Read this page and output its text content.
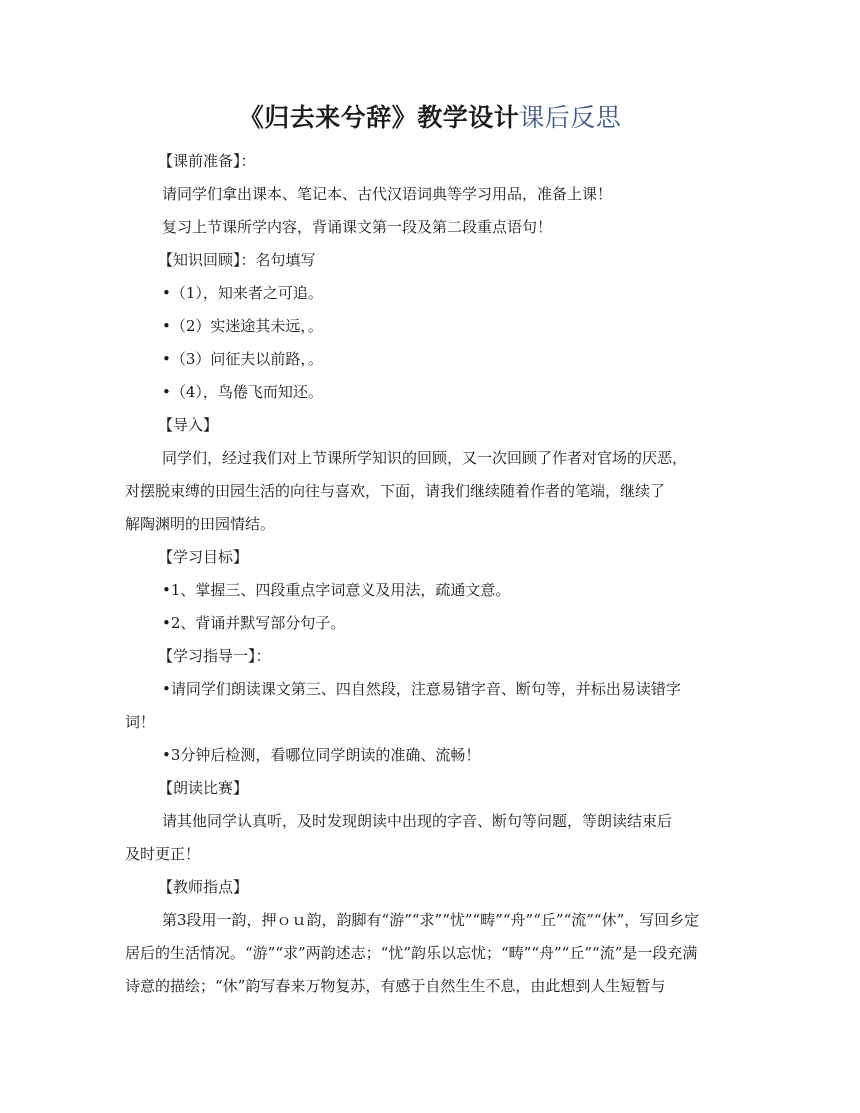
《归去来兮辞》教学设计课后反思

【课前准备】：

请同学们拿出课本、笔记本、古代汉语词典等学习用品，准备上课！

复习上节课所学内容，背诵课文第一段及第二段重点语句！

【知识回顾】：名句填写

•（1），知来者之可追。

•（2）实迷途其未远，。

•（3）问征夫以前路，。

•（4），鸟倦飞而知还。

【导入】

同学们，经过我们对上节课所学知识的回顾，又一次回顾了作者对官场的厌恶，
对摆脱束缚的田园生活的向往与喜欢，下面，请我们继续随着作者的笔端，继续了
解陶渊明的田园情结。

【学习目标】

•1、掌握三、四段重点字词意义及用法，疏通文意。

•2、背诵并默写部分句子。

【学习指导一】：

•请同学们朗读课文第三、四自然段，注意易错字音、断句等，并标出易读错字
词！

•3分钟后检测，看哪位同学朗读的准确、流畅！

【朗读比赛】

请其他同学认真听，及时发现朗读中出现的字音、断句等问题，等朗读结束后
及时更正！

【教师指点】

第3段用一韵，押ｏｕ韵，韵脚有“游”“求”“忧”“畴”“舟”“丘”“流”“休”，写回乡定
居后的生活情况。“游”“求”两韵述志；“忧”韵乐以忘忧；“畴”“舟”“丘”“流”是一段充满
诗意的描绘；“休”韵写春来万物复苏，有感于自然生生不息，由此想到人生短暂与
